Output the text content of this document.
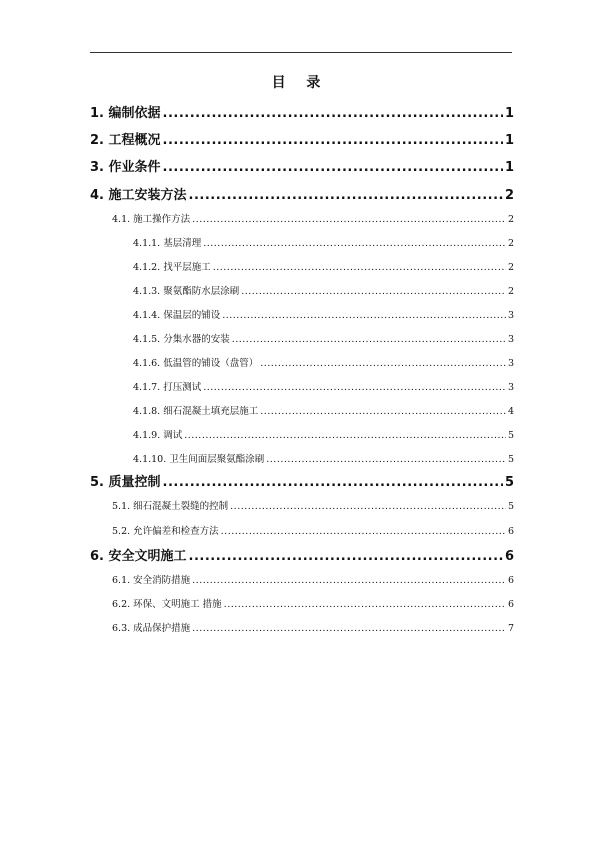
目 录
1. 编制依据 .....	1
2. 工程概况 .....	1
3. 作业条件 .....	1
4. 施工安装方法 .....	2
4.1. 施工操作方法 .....	2
4.1.1. 基层清理 .....	2
4.1.2. 找平层施工 .....	2
4.1.3. 聚氨酯防水层涂刷 .....	2
4.1.4. 保温层的铺设 .....	3
4.1.5. 分集水器的安装 .....	3
4.1.6. 低温管的铺设（盘管） .....	3
4.1.7. 打压测试 .....	3
4.1.8. 细石混凝土填充层施工 .....	4
4.1.9. 调试 .....	5
4.1.10. 卫生间面层聚氨酯涂刷 .....	5
5. 质量控制 .....	5
5.1. 细石混凝土裂缝的控制 .....	5
5.2. 允许偏差和检查方法 .....	6
6. 安全文明施工 .....	6
6.1. 安全消防措施 .....	6
6.2. 环保、文明施工 措施 .....	6
6.3. 成品保护措施 .....	7
